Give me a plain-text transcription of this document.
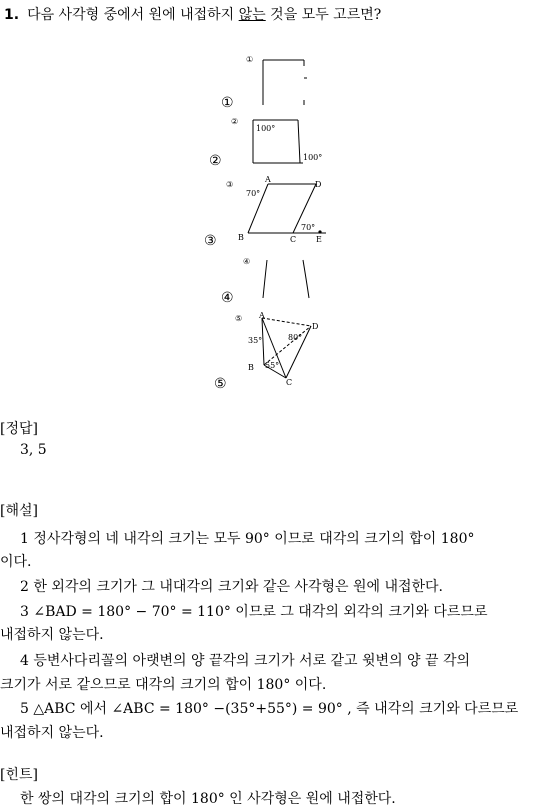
1. 다음 사각형 중에서 원에 내접하지 않는 것을 모두 고르면?
①
②
③
④
⑤
①
②
③
④
⑤
100°
100°
A
D
B	C E
70°
70°
A
D
B
C
35°	80°
55°
[정답]
3, 5
[해설]
1 정사각형의 네 내각의 크기는 모두 90° 이므로 대각의 크기의 합이 180°
이다.
2 한 외각의 크기가 그 내대각의 크기와 같은 사각형은 원에 내접한다.
3 ∠BAD = 180° − 70° = 110° 이므로 그 대각의 외각의 크기와 다르므로
내접하지 않는다.
4 등변사다리꼴의 아랫변의 양 끝각의 크기가 서로 같고 윗변의 양 끝 각의
크기가 서로 같으므로 대각의 크기의 합이 180° 이다.
5 △ABC 에서 ∠ABC = 180° −(35°+55°) = 90° , 즉 내각의 크기와 다르므로
내접하지 않는다.
[힌트]
한 쌍의 대각의 크기의 합이 180° 인 사각형은 원에 내접한다.
